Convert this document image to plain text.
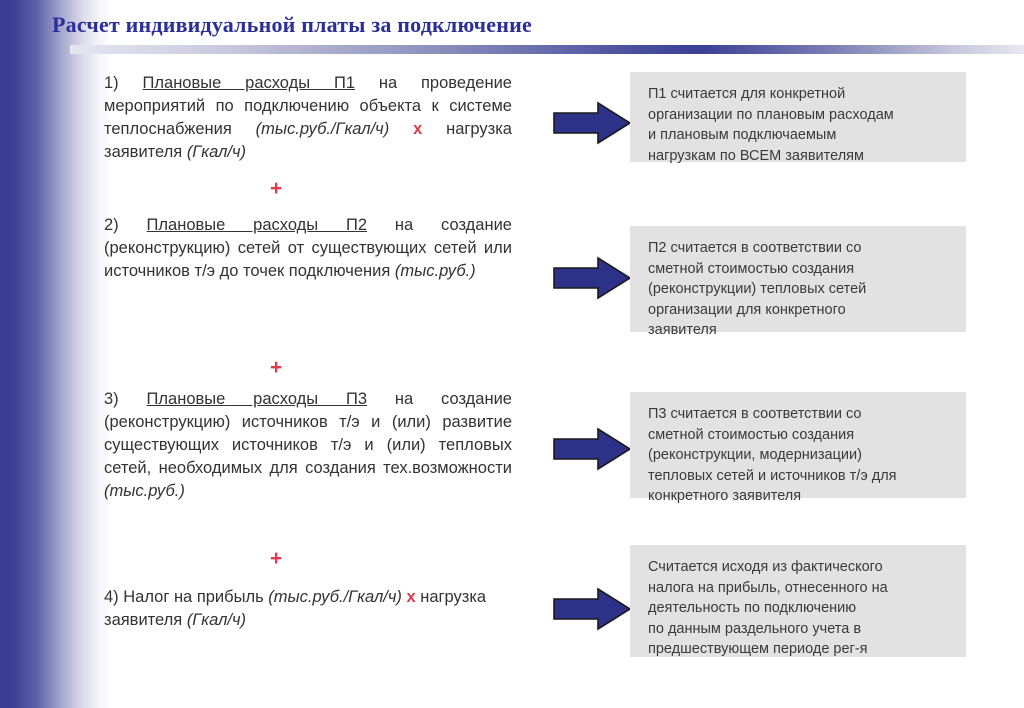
Расчет индивидуальной платы за подключение
1) Плановые расходы П1 на проведение мероприятий по подключению объекта к системе теплоснабжения (тыс.руб./Гкал/ч) x нагрузка заявителя (Гкал/ч)
+
2) Плановые расходы П2 на создание (реконструкцию) сетей от существующих сетей или источников т/э до точек подключения (тыс.руб.)
+
3) Плановые расходы П3 на создание (реконструкцию) источников т/э и (или) развитие существующих источников т/э и (или) тепловых сетей, необходимых для создания тех.возможности (тыс.руб.)
+
4) Налог на прибыль (тыс.руб./Гкал/ч) x нагрузка заявителя (Гкал/ч)
П1 считается для конкретной
организации по плановым расходам
и плановым подключаемым
нагрузкам по ВСЕМ заявителям
П2 считается в соответствии со
сметной стоимостью создания
(реконструкции) тепловых сетей
организации для конкретного
заявителя
П3 считается в соответствии со
сметной стоимостью создания
(реконструкции, модернизации)
тепловых сетей и источников т/э для
конкретного заявителя
Считается исходя из фактического
налога на прибыль, отнесенного на
деятельность по подключению
по данным раздельного учета в
предшествующем периоде рег-я
